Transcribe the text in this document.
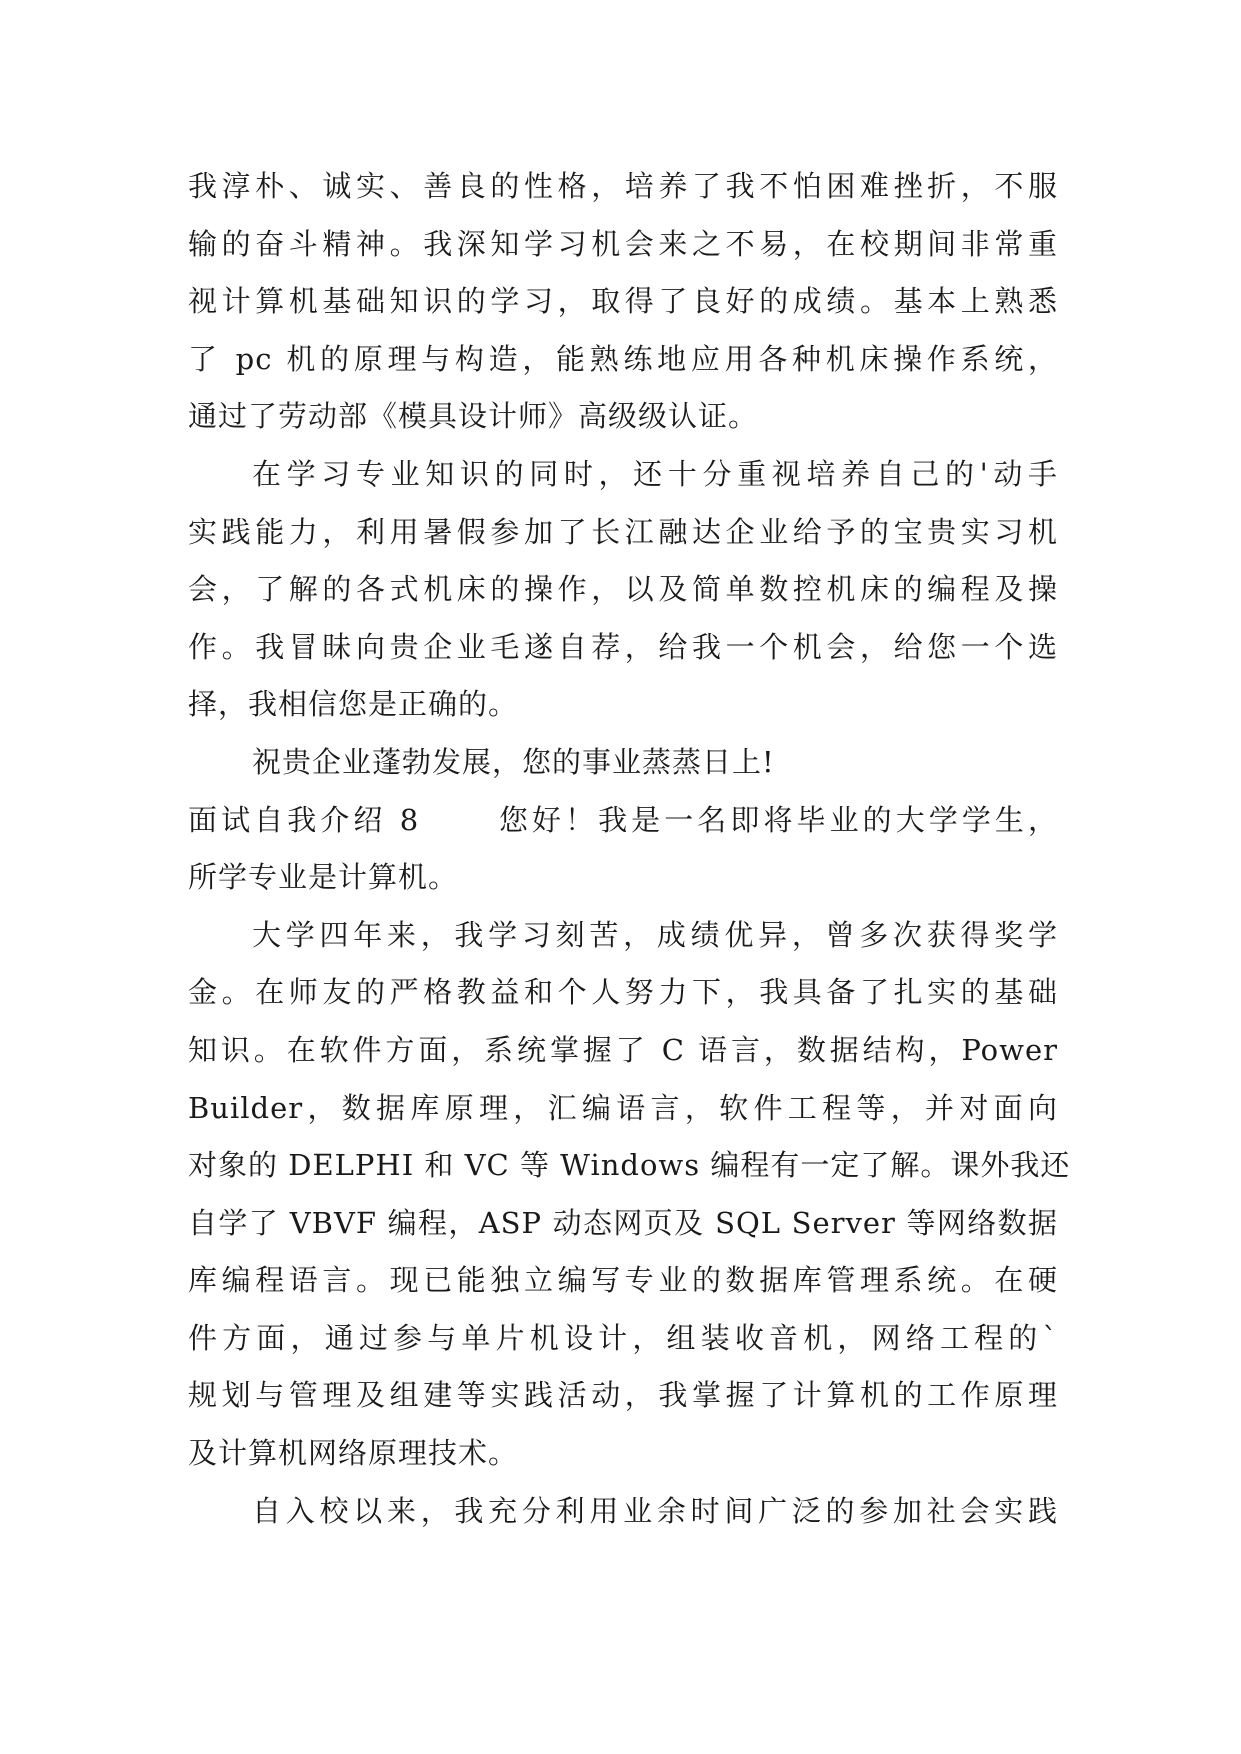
我淳朴、诚实、善良的性格，培养了我不怕困难挫折，不服
输的奋斗精神。我深知学习机会来之不易，在校期间非常重
视计算机基础知识的学习，取得了良好的成绩。基本上熟悉
了 pc 机的原理与构造，能熟练地应用各种机床操作系统，
通过了劳动部《模具设计师》高级级认证。
在学习专业知识的同时，还十分重视培养自己的'动手
实践能力，利用暑假参加了长江融达企业给予的宝贵实习机
会，了解的各式机床的操作，以及简单数控机床的编程及操
作。我冒昧向贵企业毛遂自荐，给我一个机会，给您一个选
择，我相信您是正确的。
祝贵企业蓬勃发展，您的事业蒸蒸日上!
面试自我介绍 8      您好！我是一名即将毕业的大学学生，
所学专业是计算机。
大学四年来，我学习刻苦，成绩优异，曾多次获得奖学
金。在师友的严格教益和个人努力下，我具备了扎实的基础
知识。在软件方面，系统掌握了 C 语言，数据结构，Power
Builder，数据库原理，汇编语言，软件工程等，并对面向
对象的 DELPHI 和 VC 等 Windows 编程有一定了解。课外我还
自学了 VBVF 编程，ASP 动态网页及 SQL Server 等网络数据
库编程语言。现已能独立编写专业的数据库管理系统。在硬
件方面，通过参与单片机设计，组装收音机，网络工程的`
规划与管理及组建等实践活动，我掌握了计算机的工作原理
及计算机网络原理技术。
自入校以来，我充分利用业余时间广泛的参加社会实践
